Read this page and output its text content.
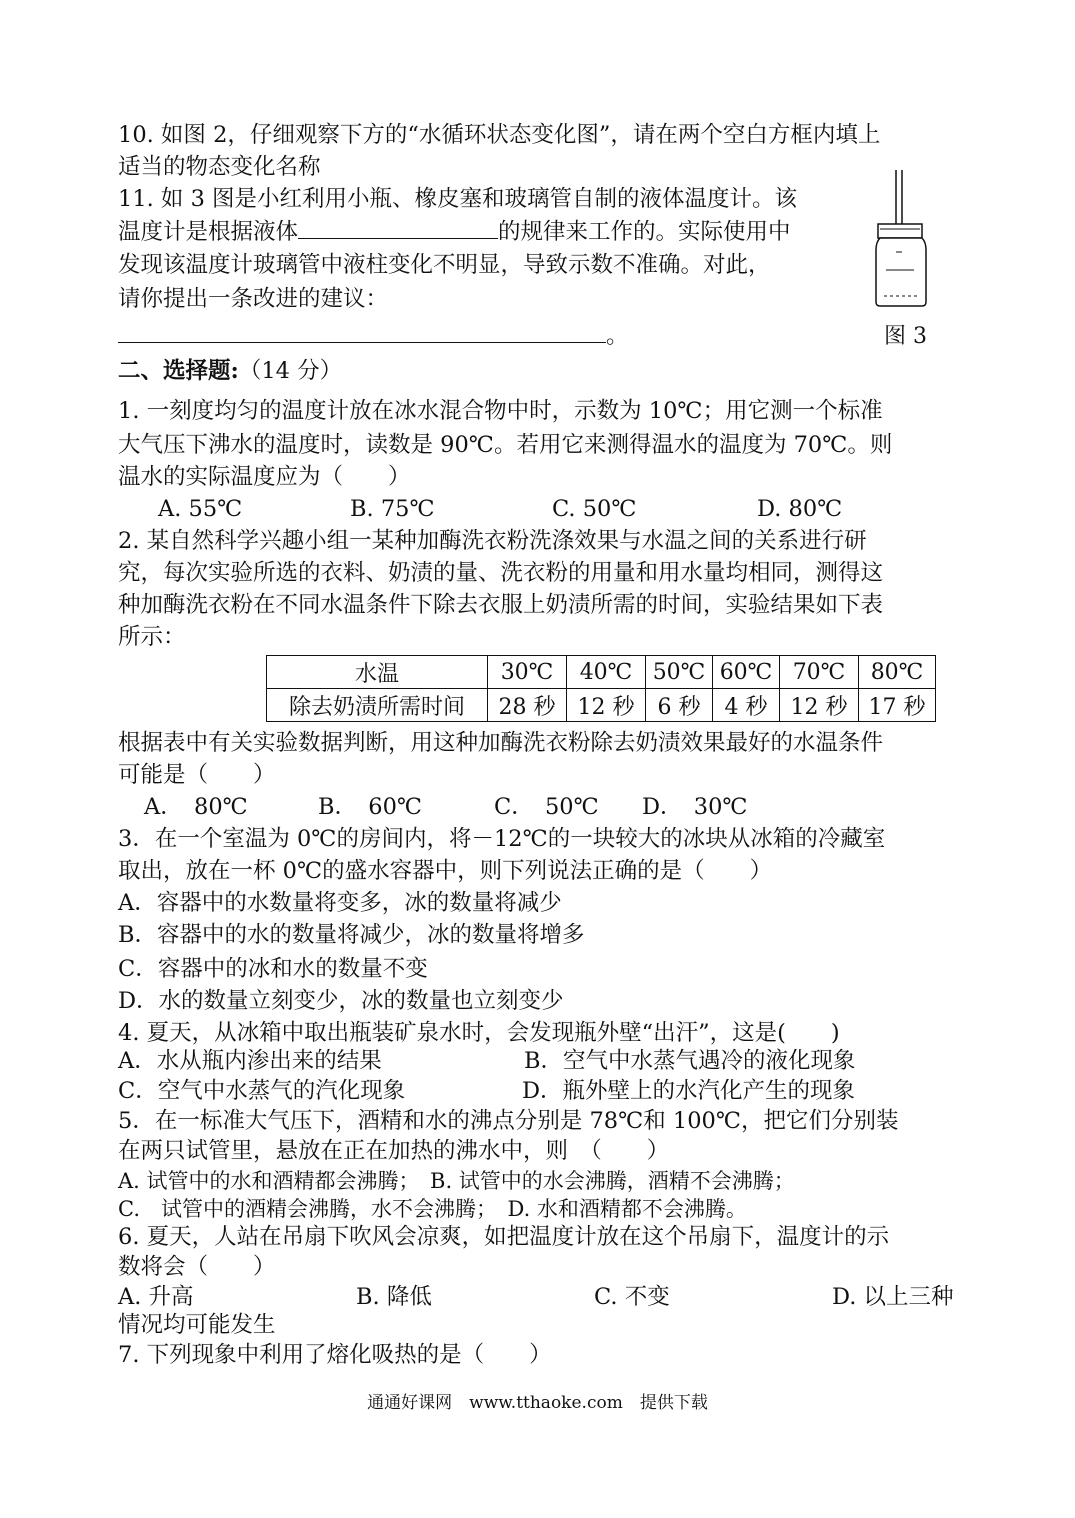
10. 如图 2，仔细观察下方的“水循环状态变化图”，请在两个空白方框内填上
适当的物态变化名称
11. 如 3 图是小红利用小瓶、橡皮塞和玻璃管自制的液体温度计。该
温度计是根据液体	的规律来工作的。实际使用中
发现该温度计玻璃管中液柱变化不明显，导致示数不准确。对此，
请你提出一条改进的建议：
。	图 3
二、选择题:（14 分）
1. 一刻度均匀的温度计放在冰水混合物中时，示数为 10℃；用它测一个标准
大气压下沸水的温度时，读数是 90℃。若用它来测得温水的温度为 70℃。则
温水的实际温度应为（　　）
A. 55℃	B. 75℃	C. 50℃	D. 80℃
2. 某自然科学兴趣小组一某种加酶洗衣粉洗涤效果与水温之间的关系进行研
究，每次实验所选的衣料、奶渍的量、洗衣粉的用量和用水量均相同，测得这
种加酶洗衣粉在不同水温条件下除去衣服上奶渍所需的时间，实验结果如下表
所示：
水温	30℃	40℃	50℃	60℃	70℃	80℃
除去奶渍所需时间	28 秒	12 秒	6 秒	4 秒	12 秒	17 秒
根据表中有关实验数据判断，用这种加酶洗衣粉除去奶渍效果最好的水温条件
可能是（　　）
A．　80℃	B．　60℃	C．　50℃ D．　30℃
3．在一个室温为 0℃的房间内，将－12℃的一块较大的冰块从冰箱的冷藏室
取出，放在一杯 0℃的盛水容器中，则下列说法正确的是（　　）
A．容器中的水数量将变多，冰的数量将减少
B．容器中的水的数量将减少，冰的数量将增多
C．容器中的冰和水的数量不变
D．水的数量立刻变少，冰的数量也立刻变少
4. 夏天，从冰箱中取出瓶装矿泉水时，会发现瓶外壁“出汗”，这是(　　)
A．水从瓶内渗出来的结果	B．空气中水蒸气遇冷的液化现象
C．空气中水蒸气的汽化现象	D．瓶外壁上的水汽化产生的现象
5．在一标准大气压下，酒精和水的沸点分别是 78℃和 100℃，把它们分别装
在两只试管里，悬放在正在加热的沸水中，则　（　　）
A. 试管中的水和酒精都会沸腾；　B. 试管中的水会沸腾，酒精不会沸腾；
C.　试管中的酒精会沸腾，水不会沸腾；　D. 水和酒精都不会沸腾。
6. 夏天，人站在吊扇下吹风会凉爽，如把温度计放在这个吊扇下，温度计的示
数将会（　　）
A. 升高	B. 降低	C. 不变	D. 以上三种
情况均可能发生
7. 下列现象中利用了熔化吸热的是（　　）
通通好课网　www.tthaoke.com　提供下载
